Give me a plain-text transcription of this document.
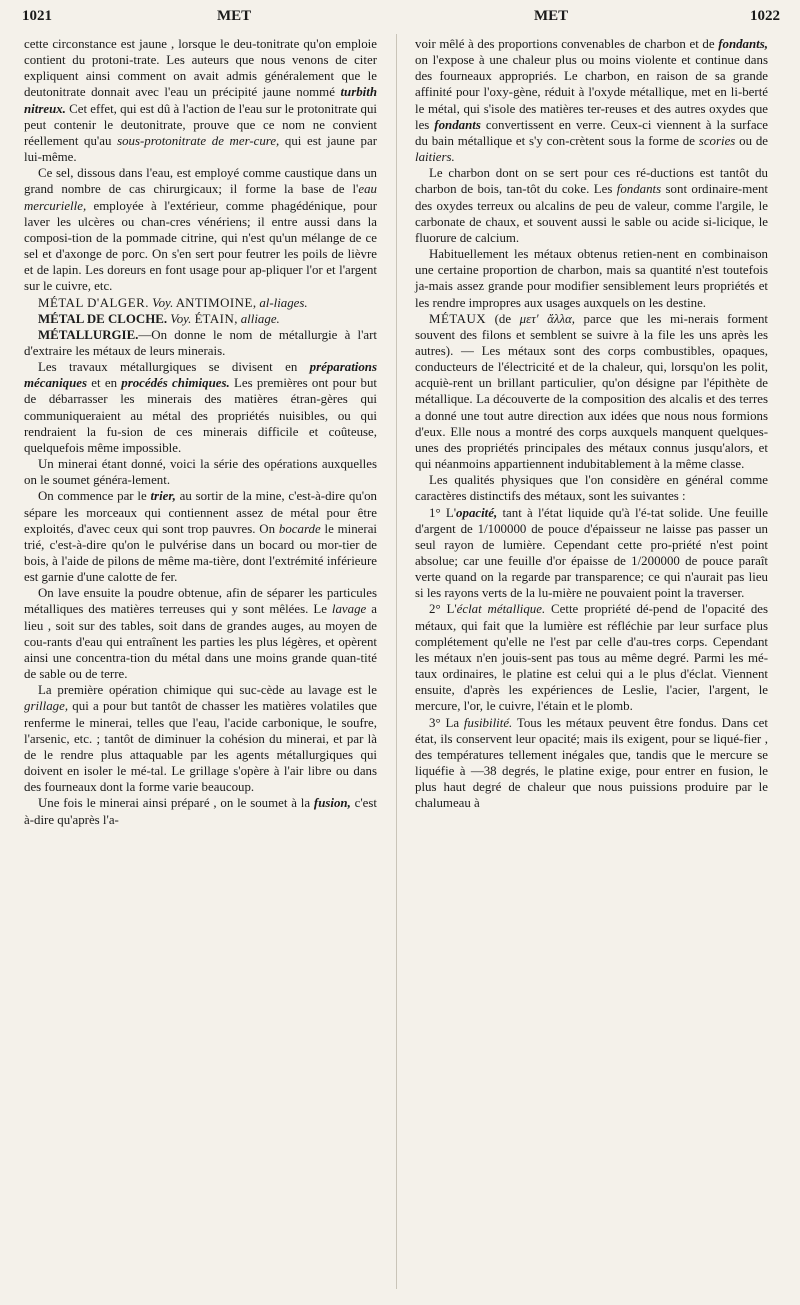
1021	MET	MET	1022

cette circonstance est jaune , lorsque le deu-tonitrate qu'on emploie contient du protoni-trate. Les auteurs que nous venons de citer expliquent ainsi comment on avait admis généralement que le deutonitrate donnait avec l'eau un précipité jaune nommé turbith nitreux. Cet effet, qui est dû à l'action de l'eau sur le protonitrate qui peut contenir le deutonitrate, prouve que ce nom ne convient réellement qu'au sous-protonitrate de mer-cure, qui est jaune par lui-même.

Ce sel, dissous dans l'eau, est employé comme caustique dans un grand nombre de cas chirurgicaux; il forme la base de l'eau mercurielle, employée à l'extérieur, comme phagédénique, pour laver les ulcères ou chan-cres vénériens; il entre aussi dans la composi-tion de la pommade citrine, qui n'est qu'un mélange de ce sel et d'axonge de porc. On s'en sert pour feutrer les poils de lièvre et de lapin. Les doreurs en font usage pour ap-pliquer l'or et l'argent sur le cuivre, etc.

MÉTAL D'ALGER. Voy. ANTIMOINE, al-liages.

MÉTAL DE CLOCHE. Voy. ÉTAIN, alliage.

MÉTALLURGIE.—On donne le nom de métallurgie à l'art d'extraire les métaux de leurs minerais.

Les travaux métallurgiques se divisent en préparations mécaniques et en procédés chimiques. Les premières ont pour but de débarrasser les minerais des matières étran-gères qui communiqueraient au métal des propriétés nuisibles, ou qui rendraient la fu-sion de ces minerais difficile et coûteuse, quelquefois même impossible.

Un minerai étant donné, voici la série des opérations auxquelles on le soumet généra-lement.

On commence par le trier, au sortir de la mine, c'est-à-dire qu'on sépare les morceaux qui contiennent assez de métal pour être exploités, d'avec ceux qui sont trop pauvres. On bocarde le minerai trié, c'est-à-dire qu'on le pulvérise dans un bocard ou mor-tier de bois, à l'aide de pilons de même ma-tière, dont l'extrémité inférieure est garnie d'une calotte de fer.

On lave ensuite la poudre obtenue, afin de séparer les particules métalliques des matières terreuses qui y sont mêlées. Le lavage a lieu , soit sur des tables, soit dans de grandes auges, au moyen de cou-rants d'eau qui entraînent les parties les plus légères, et opèrent ainsi une concentra-tion du métal dans une moins grande quan-tité de sable ou de terre.

La première opération chimique qui suc-cède au lavage est le grillage, qui a pour but tantôt de chasser les matières volatiles que renferme le minerai, telles que l'eau, l'acide carbonique, le soufre, l'arsenic, etc. ; tantôt de diminuer la cohésion du minerai, et par là de le rendre plus attaquable par les agents métallurgiques qui doivent en isoler le mé-tal. Le grillage s'opère à l'air libre ou dans des fourneaux dont la forme varie beaucoup.

Une fois le minerai ainsi préparé , on le soumet à la fusion, c'est à-dire qu'après l'a-

voir mêlé à des proportions convenables de charbon et de fondants, on l'expose à une chaleur plus ou moins violente et continue dans des fourneaux appropriés. Le charbon, en raison de sa grande affinité pour l'oxy-gène, réduit à l'oxyde métallique, met en li-berté le métal, qui s'isole des matières ter-reuses et des autres oxydes que les fondants convertissent en verre. Ceux-ci viennent à la surface du bain métallique et s'y con-crètent sous la forme de scories ou de laitiers.

Le charbon dont on se sert pour ces ré-ductions est tantôt du charbon de bois, tan-tôt du coke. Les fondants sont ordinaire-ment des oxydes terreux ou alcalins de peu de valeur, comme l'argile, le carbonate de chaux, et souvent aussi le sable ou acide si-licique, le fluorure de calcium.

Habituellement les métaux obtenus retien-nent en combinaison une certaine proportion de charbon, mais sa quantité n'est toutefois ja-mais assez grande pour modifier sensiblement leurs propriétés et les rendre impropres aux usages auxquels on les destine.

MÉTAUX (de μετ' ἄλλα, parce que les mi-nerais forment souvent des filons et semblent se suivre à la file les uns après les autres). — Les métaux sont des corps combustibles, opaques, conducteurs de l'électricité et de la chaleur, qui, lorsqu'on les polit, acquiè-rent un brillant particulier, qu'on désigne par l'épithète de métallique. La découverte de la composition des alcalis et des terres a donné une tout autre direction aux idées que nous nous formions d'eux. Elle nous a montré des corps auxquels manquent quelques-unes des propriétés principales des métaux connus jusqu'alors, et qui néanmoins appartiennent indubitablement à la même classe.

Les qualités physiques que l'on considère en général comme caractères distinctifs des métaux, sont les suivantes :

1° L'opacité, tant à l'état liquide qu'à l'é-tat solide. Une feuille d'argent de 1/100000 de pouce d'épaisseur ne laisse pas passer un seul rayon de lumière. Cependant cette pro-priété n'est point absolue; car une feuille d'or épaisse de 1/200000 de pouce paraît verte quand on la regarde par transparence; ce qui n'aurait pas lieu si les rayons verts de la lu-mière ne pouvaient point la traverser.

2° L'éclat métallique. Cette propriété dé-pend de l'opacité des métaux, qui fait que la lumière est réfléchie par leur surface plus complétement qu'elle ne l'est par celle d'au-tres corps. Cependant les métaux n'en jouis-sent pas tous au même degré. Parmi les mé-taux ordinaires, le platine est celui qui a le plus d'éclat. Viennent ensuite, d'après les expériences de Leslie, l'acier, l'argent, le mercure, l'or, le cuivre, l'étain et le plomb.

3° La fusibilité. Tous les métaux peuvent être fondus. Dans cet état, ils conservent leur opacité; mais ils exigent, pour se liqué-fier , des températures tellement inégales que, tandis que le mercure se liquéfie à —38 degrés, le platine exige, pour entrer en fusion, le plus haut degré de chaleur que nous puissions produire par le chalumeau à
